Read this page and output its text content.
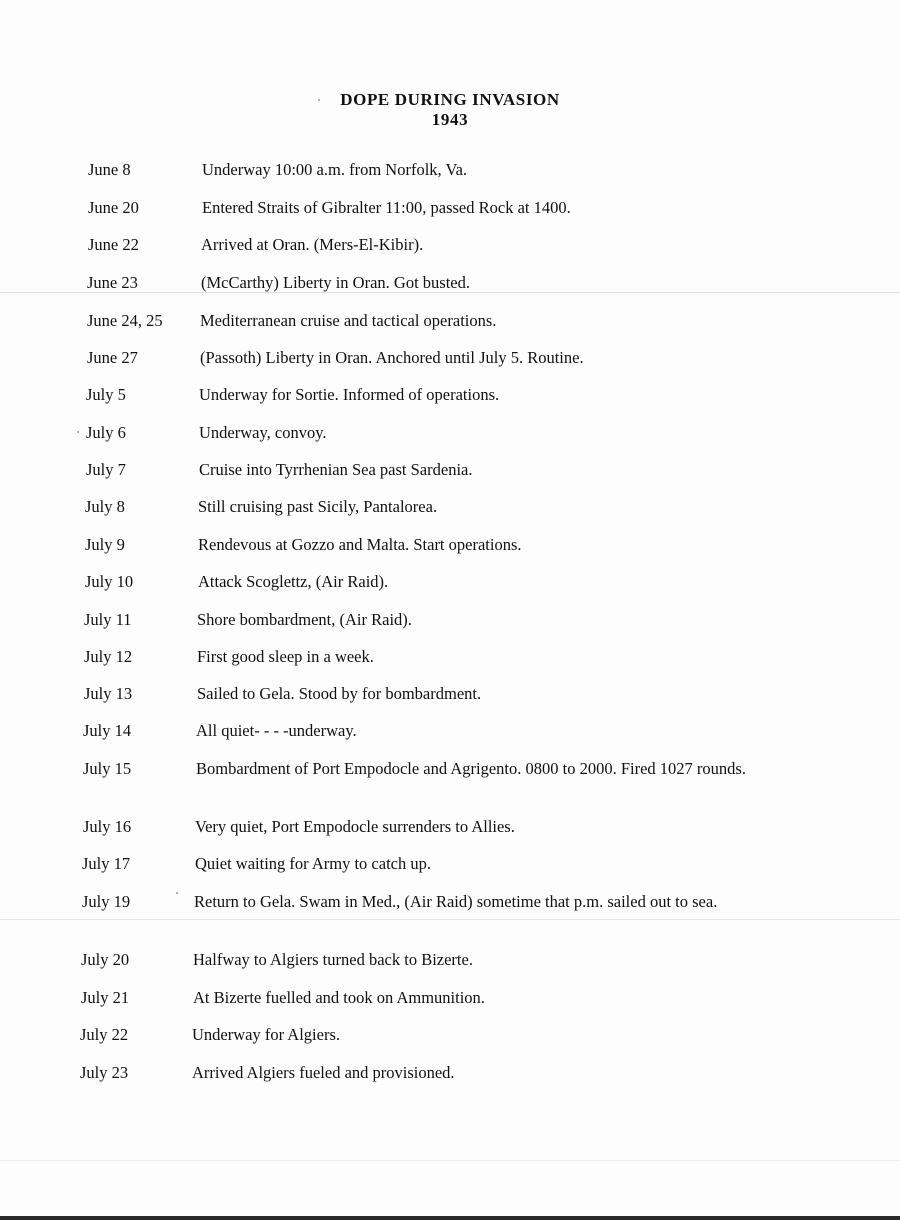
DOPE DURING INVASION
1943
June 8	Underway 10:00 a.m. from Norfolk, Va.
June 20	Entered Straits of Gibralter 11:00, passed Rock at 1400.
June 22	Arrived at Oran. (Mers-El-Kibir).
June 23	(McCarthy) Liberty in Oran. Got busted.
June 24, 25 Mediterranean cruise and tactical operations.
June 27	(Passoth) Liberty in Oran. Anchored until July 5. Routine.
July 5	Underway for Sortie. Informed of operations.
July 6	Underway, convoy.
July 7	Cruise into Tyrrhenian Sea past Sardenia.
July 8	Still cruising past Sicily, Pantalorea.
July 9	Rendevous at Gozzo and Malta. Start operations.
July 10	Attack Scoglettz, (Air Raid).
July 11	Shore bombardment, (Air Raid).
July 12	First good sleep in a week.
July 13	Sailed to Gela. Stood by for bombardment.
July 14	All quiet- - - -underway.
July 15	Bombardment of Port Empodocle and Agrigento. 0800 to 2000. Fired 1027 rounds.
July 16	Very quiet, Port Empodocle surrenders to Allies.
July 17	Quiet waiting for Army to catch up.
July 19	Return to Gela. Swam in Med., (Air Raid) sometime that p.m. sailed out to sea.
July 20	Halfway to Algiers turned back to Bizerte.
July 21	At Bizerte fuelled and took on Ammunition.
July 22	Underway for Algiers.
July 23	Arrived Algiers fueled and provisioned.
